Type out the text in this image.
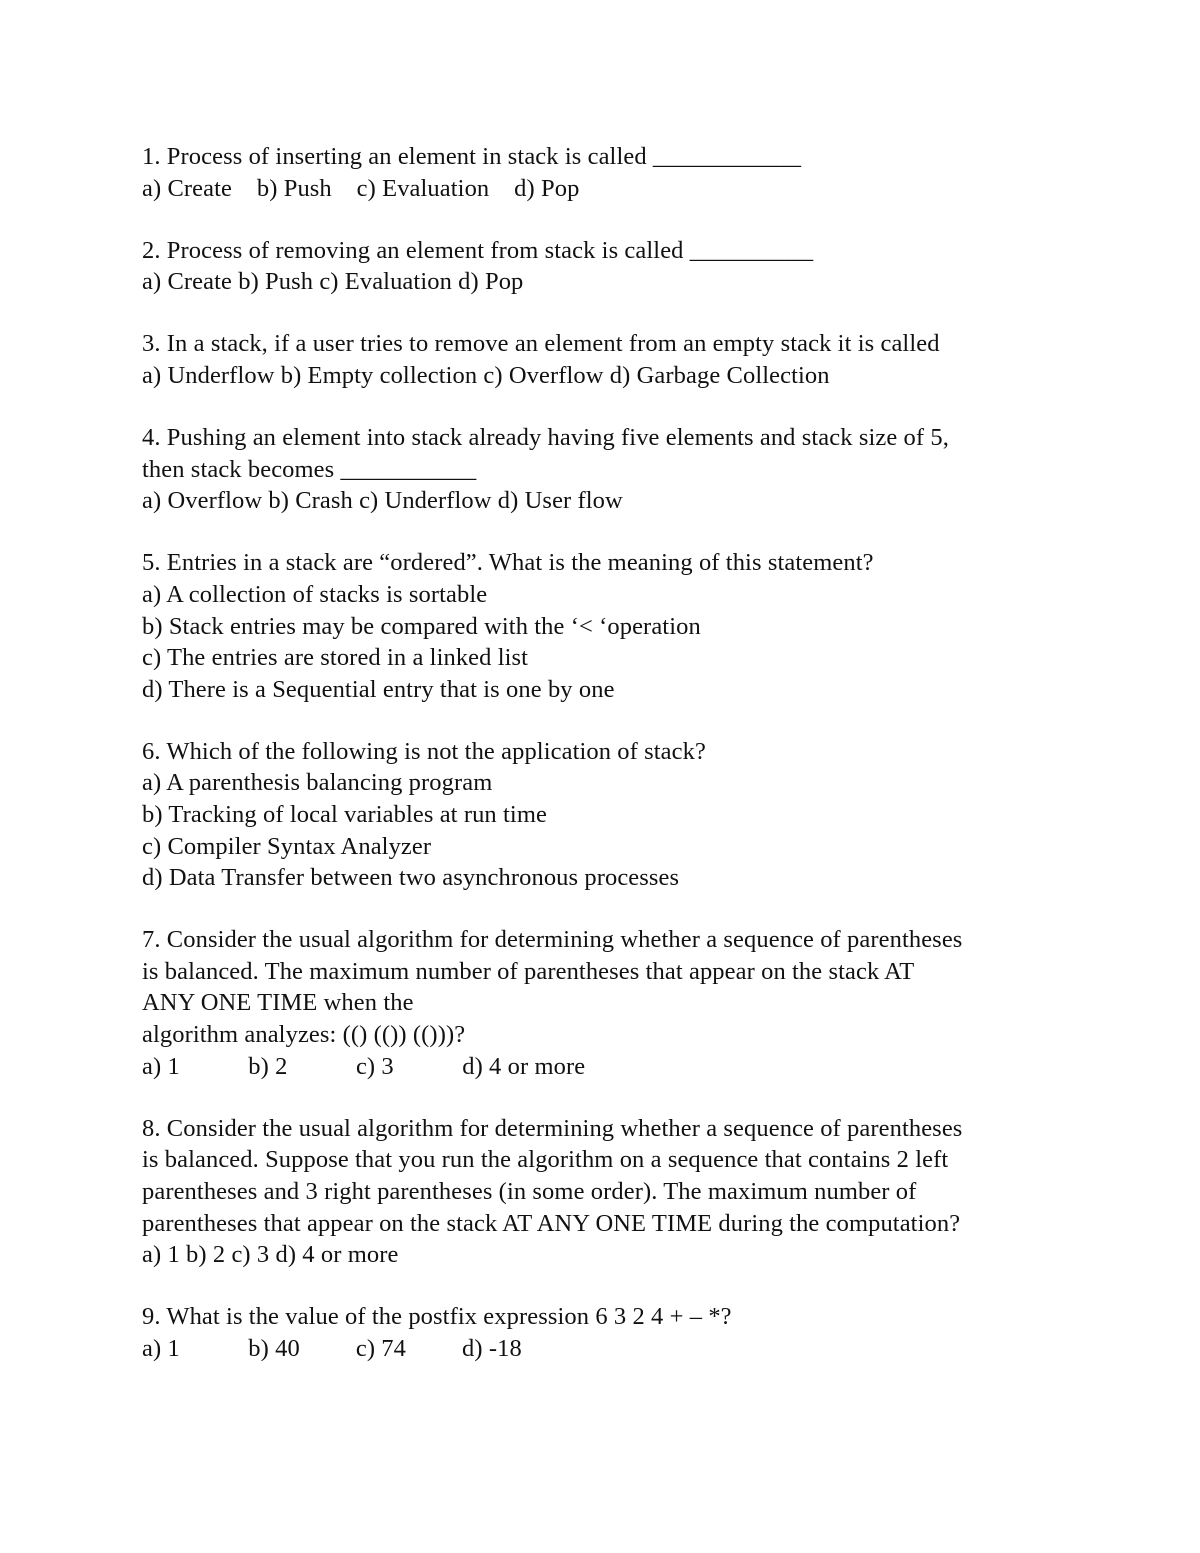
1. Process of inserting an element in stack is called ____________
a) Create    b) Push    c) Evaluation    d) Pop
2. Process of removing an element from stack is called __________
a) Create b) Push c) Evaluation d) Pop
3. In a stack, if a user tries to remove an element from an empty stack it is called
a) Underflow b) Empty collection c) Overflow d) Garbage Collection
4. Pushing an element into stack already having five elements and stack size of 5,
then stack becomes ___________
a) Overflow b) Crash c) Underflow d) User flow
5. Entries in a stack are “ordered”. What is the meaning of this statement?
a) A collection of stacks is sortable
b) Stack entries may be compared with the ‘< ‘operation
c) The entries are stored in a linked list
d) There is a Sequential entry that is one by one
6. Which of the following is not the application of stack?
a) A parenthesis balancing program
b) Tracking of local variables at run time
c) Compiler Syntax Analyzer
d) Data Transfer between two asynchronous processes
7. Consider the usual algorithm for determining whether a sequence of parentheses
is balanced. The maximum number of parentheses that appear on the stack AT
ANY ONE TIME when the
algorithm analyzes: (() (()) (()))?
a) 1           b) 2           c) 3           d) 4 or more
8. Consider the usual algorithm for determining whether a sequence of parentheses
is balanced. Suppose that you run the algorithm on a sequence that contains 2 left
parentheses and 3 right parentheses (in some order). The maximum number of
parentheses that appear on the stack AT ANY ONE TIME during the computation?
a) 1 b) 2 c) 3 d) 4 or more
9. What is the value of the postfix expression 6 3 2 4 + – *?
a) 1           b) 40         c) 74         d) -18
